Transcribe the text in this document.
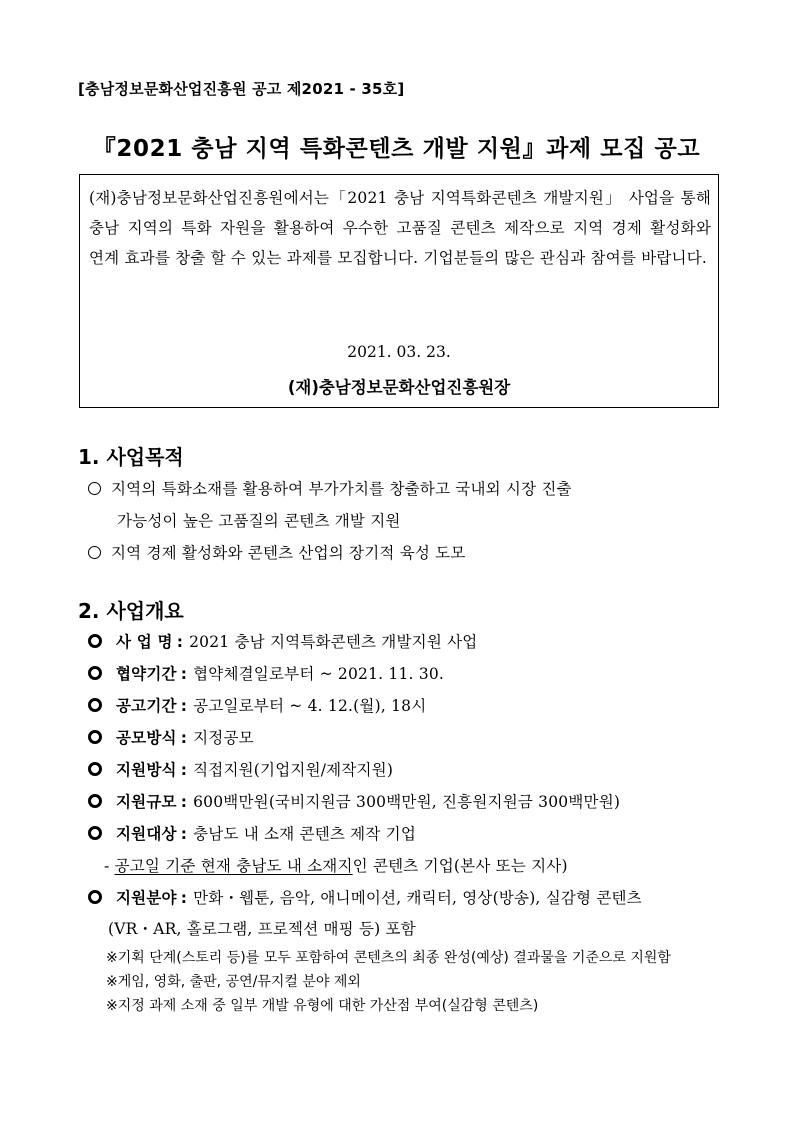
[충남정보문화산업진흥원 공고 제2021 - 35호]
『2021 충남 지역 특화콘텐츠 개발 지원』과제 모집 공고
(재)충남정보문화산업진흥원에서는「2021 충남 지역특화콘텐츠 개발지원」 사업을 통해 충남 지역의 특화 자원을 활용하여 우수한 고품질 콘텐츠 제작으로 지역 경제 활성화와 연계 효과를 창출 할 수 있는 과제를 모집합니다. 기업분들의 많은 관심과 참여를 바랍니다.
2021. 03. 23.
(재)충남정보문화산업진흥원장
1. 사업목적
지역의 특화소재를 활용하여 부가가치를 창출하고 국내외 시장 진출
가능성이 높은 고품질의 콘텐츠 개발 지원
지역 경제 활성화와 콘텐츠 산업의 장기적 육성 도모
2. 사업개요
사 업 명 : 2021 충남 지역특화콘텐츠 개발지원 사업
협약기간 : 협약체결일로부터 ~ 2021. 11. 30.
공고기간 : 공고일로부터 ~ 4. 12.(월), 18시
공모방식 : 지정공모
지원방식 : 직접지원(기업지원/제작지원)
지원규모 : 600백만원(국비지원금 300백만원, 진흥원지원금 300백만원)
지원대상 : 충남도 내 소재 콘텐츠 제작 기업
- 공고일 기준 현재 충남도 내 소재지인 콘텐츠 기업(본사 또는 지사)
지원분야 : 만화・웹툰, 음악, 애니메이션, 캐릭터, 영상(방송), 실감형 콘텐츠
(VR・AR, 홀로그램, 프로젝션 매핑 등) 포함
※기획 단계(스토리 등)를 모두 포함하여 콘텐츠의 최종 완성(예상) 결과물을 기준으로 지원함
※게임, 영화, 출판, 공연/뮤지컬 분야 제외
※지정 과제 소재 중 일부 개발 유형에 대한 가산점 부여(실감형 콘텐츠)
